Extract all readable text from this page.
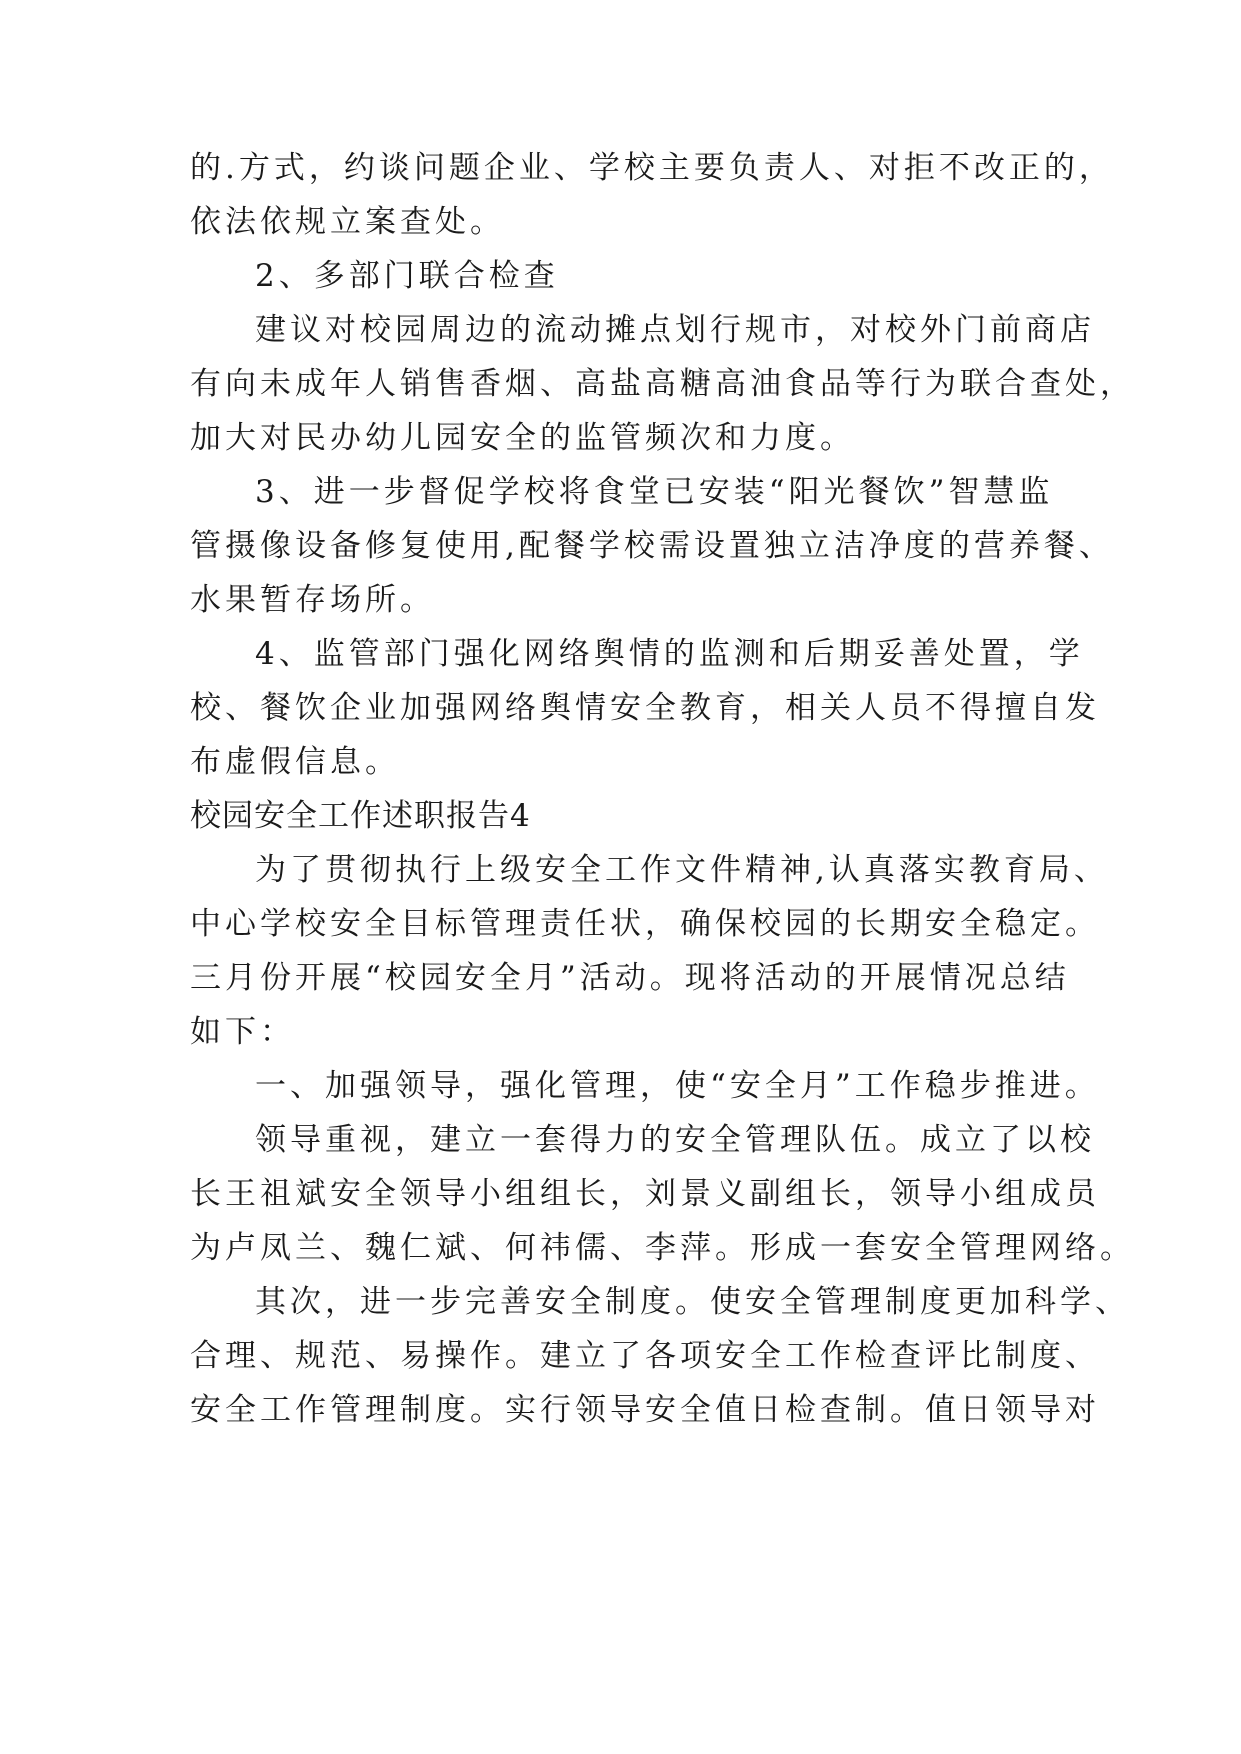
的.方式，约谈问题企业、学校主要负责人、对拒不改正的，
依法依规立案查处。
2、多部门联合检查
建议对校园周边的流动摊点划行规市，对校外门前商店
有向未成年人销售香烟、高盐高糖高油食品等行为联合查处，
加大对民办幼儿园安全的监管频次和力度。
3、进一步督促学校将食堂已安装“阳光餐饮”智慧监
管摄像设备修复使用,配餐学校需设置独立洁净度的营养餐、
水果暂存场所。
4、监管部门强化网络舆情的监测和后期妥善处置，学
校、餐饮企业加强网络舆情安全教育，相关人员不得擅自发
布虚假信息。
校园安全工作述职报告4
为了贯彻执行上级安全工作文件精神,认真落实教育局、
中心学校安全目标管理责任状，确保校园的长期安全稳定。
三月份开展“校园安全月”活动。现将活动的开展情况总结
如下：
一、加强领导，强化管理，使“安全月”工作稳步推进。
领导重视，建立一套得力的安全管理队伍。成立了以校
长王祖斌安全领导小组组长，刘景义副组长，领导小组成员
为卢凤兰、魏仁斌、何祎儒、李萍。形成一套安全管理网络。
其次，进一步完善安全制度。使安全管理制度更加科学、
合理、规范、易操作。建立了各项安全工作检查评比制度、
安全工作管理制度。实行领导安全值日检查制。值日领导对
